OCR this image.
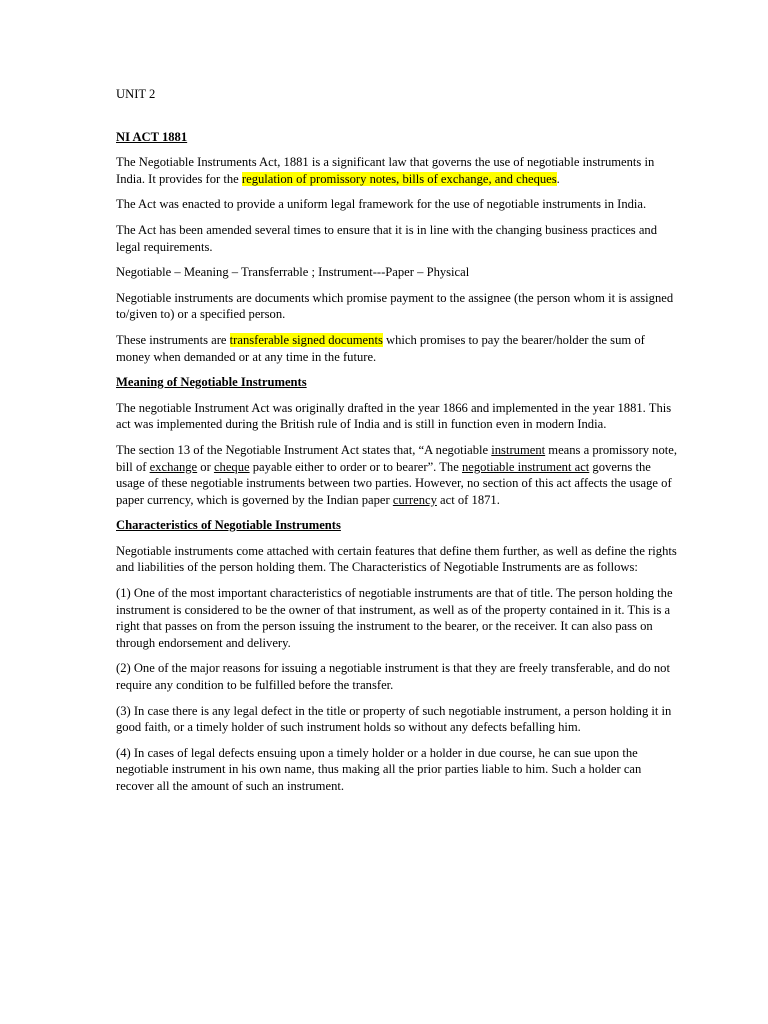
UNIT 2

NI ACT 1881

The Negotiable Instruments Act, 1881 is a significant law that governs the use of negotiable instruments in India. It provides for the regulation of promissory notes, bills of exchange, and cheques.

The Act was enacted to provide a uniform legal framework for the use of negotiable instruments in India.

The Act has been amended several times to ensure that it is in line with the changing business practices and legal requirements.

Negotiable – Meaning – Transferrable ; Instrument---Paper – Physical

Negotiable instruments are documents which promise payment to the assignee (the person whom it is assigned to/given to) or a specified person.

These instruments are transferable signed documents which promises to pay the bearer/holder the sum of money when demanded or at any time in the future.

Meaning of Negotiable Instruments

The negotiable Instrument Act was originally drafted in the year 1866 and implemented in the year 1881. This act was implemented during the British rule of India and is still in function even in modern India.

The section 13 of the Negotiable Instrument Act states that, “A negotiable instrument means a promissory note, bill of exchange or cheque payable either to order or to bearer”. The negotiable instrument act governs the usage of these negotiable instruments between two parties. However, no section of this act affects the usage of paper currency, which is governed by the Indian paper currency act of 1871.

Characteristics of Negotiable Instruments

Negotiable instruments come attached with certain features that define them further, as well as define the rights and liabilities of the person holding them. The Characteristics of Negotiable Instruments are as follows:

(1) One of the most important characteristics of negotiable instruments are that of title. The person holding the instrument is considered to be the owner of that instrument, as well as of the property contained in it. This is a right that passes on from the person issuing the instrument to the bearer, or the receiver. It can also pass on through endorsement and delivery.

(2) One of the major reasons for issuing a negotiable instrument is that they are freely transferable, and do not require any condition to be fulfilled before the transfer.

(3) In case there is any legal defect in the title or property of such negotiable instrument, a person holding it in good faith, or a timely holder of such instrument holds so without any defects befalling him.

(4) In cases of legal defects ensuing upon a timely holder or a holder in due course, he can sue upon the negotiable instrument in his own name, thus making all the prior parties liable to him. Such a holder can recover all the amount of such an instrument.
